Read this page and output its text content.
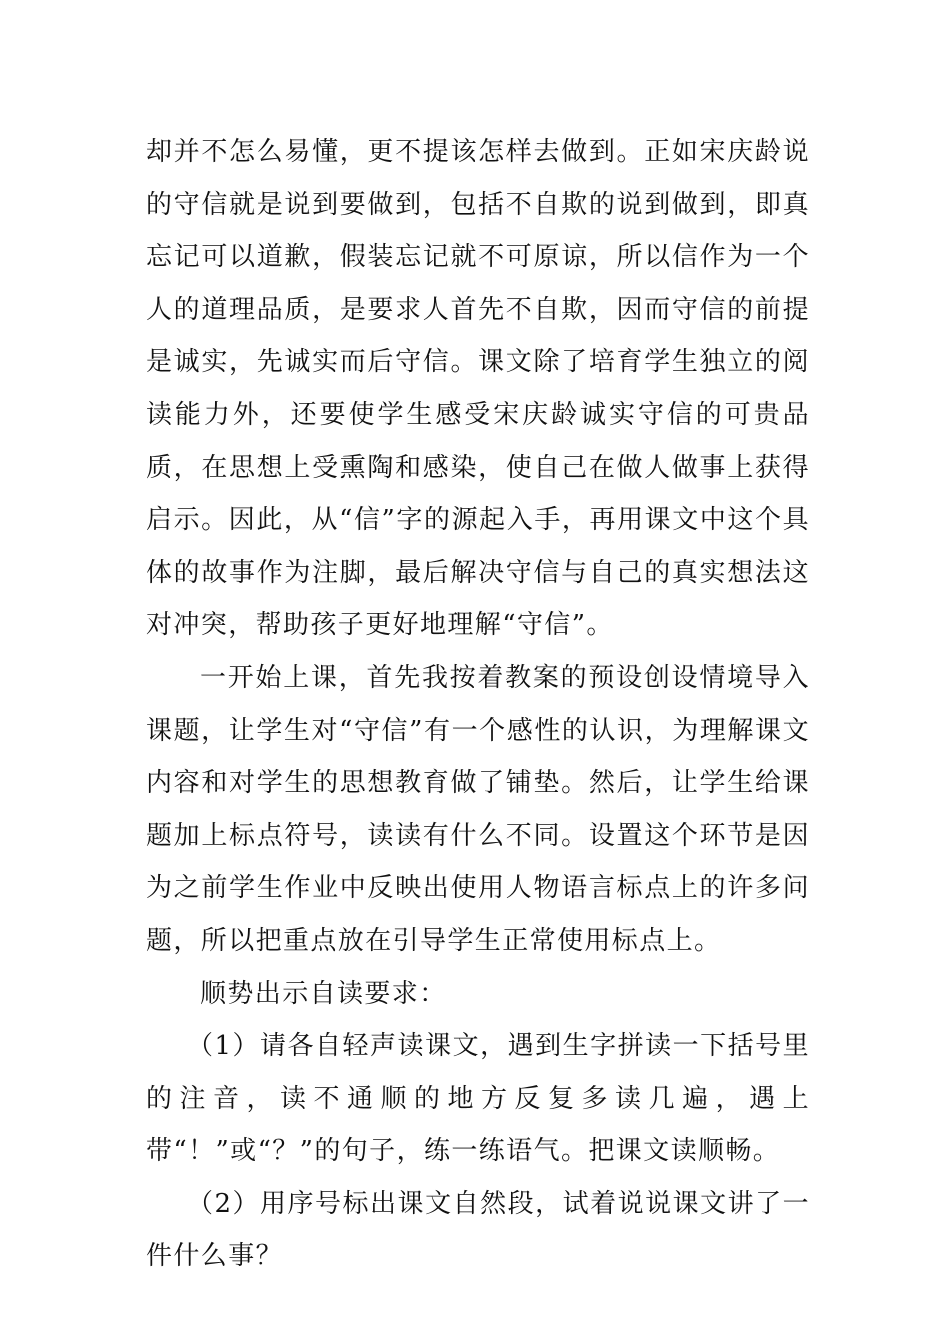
却并不怎么易懂，更不提该怎样去做到。正如宋庆龄说的守信就是说到要做到，包括不自欺的说到做到，即真忘记可以道歉，假装忘记就不可原谅，所以信作为一个人的道理品质，是要求人首先不自欺，因而守信的前提是诚实，先诚实而后守信。课文除了培育学生独立的阅读能力外，还要使学生感受宋庆龄诚实守信的可贵品质，在思想上受熏陶和感染，使自己在做人做事上获得启示。因此，从“信”字的源起入手，再用课文中这个具体的故事作为注脚，最后解决守信与自己的真实想法这对冲突，帮助孩子更好地理解“守信”。

一开始上课，首先我按着教案的预设创设情境导入课题，让学生对“守信”有一个感性的认识，为理解课文内容和对学生的思想教育做了铺垫。然后，让学生给课题加上标点符号，读读有什么不同。设置这个环节是因为之前学生作业中反映出使用人物语言标点上的许多问题，所以把重点放在引导学生正常使用标点上。

顺势出示自读要求：

（1）请各自轻声读课文，遇到生字拼读一下括号里的注音，读不通顺的地方反复多读几遍，遇上带“！”或“？”的句子，练一练语气。把课文读顺畅。

（2）用序号标出课文自然段，试着说说课文讲了一件什么事？
